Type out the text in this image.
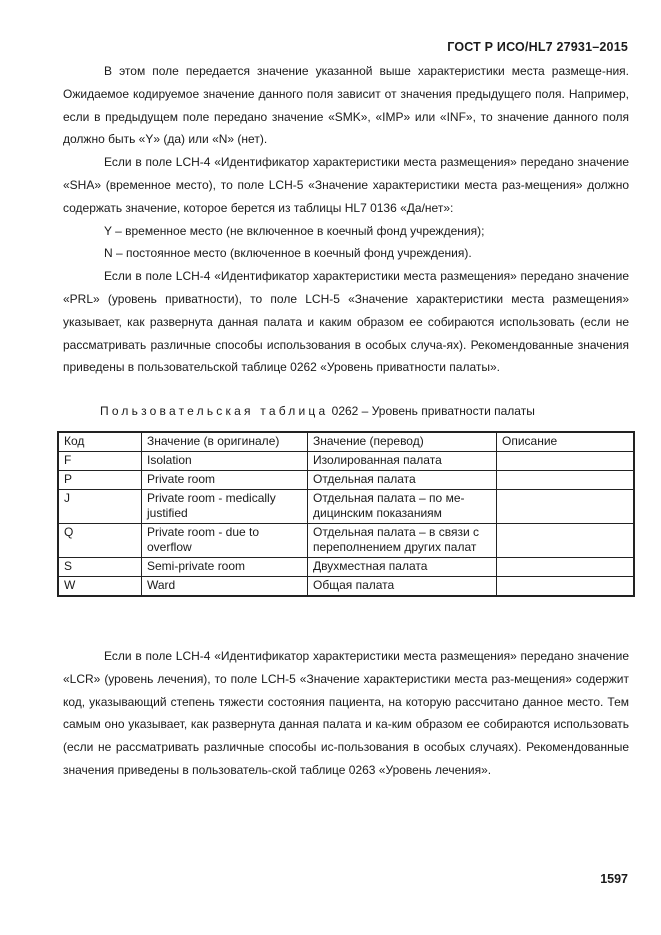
ГОСТ Р ИСО/HL7 27931–2015

В этом поле передается значение указанной выше характеристики места размеще-ния. Ожидаемое кодируемое значение данного поля зависит от значения предыдущего поля. Например, если в предыдущем поле передано значение «SMK», «IMP» или «INF», то значение данного поля должно быть «Y» (да) или «N» (нет).

Если в поле LCH-4 «Идентификатор характеристики места размещения» передано значение «SHA» (временное место), то поле LCH-5 «Значение характеристики места раз-мещения» должно содержать значение, которое берется из таблицы HL7 0136 «Да/нет»:

Y – временное место (не включенное в коечный фонд учреждения);

N – постоянное место (включенное в коечный фонд учреждения).

Если в поле LCH-4 «Идентификатор характеристики места размещения» передано значение «PRL» (уровень приватности), то поле LCH-5 «Значение характеристики места размещения» указывает, как развернута данная палата и каким образом ее собираются использовать (если не рассматривать различные способы использования в особых случа-ях). Рекомендованные значения приведены в пользовательской таблице 0262 «Уровень приватности палаты».

Пользовательская таблица 0262 – Уровень приватности палаты
Код	Значение (в оригинале)	Значение (перевод)	Описание
F	Isolation	Изолированная палата	
P	Private room	Отдельная палата	
J	Private room - medically justified	Отдельная палата – по ме-дицинским показаниям	
Q	Private room - due to overflow	Отдельная палата – в связи с переполнением других палат	
S	Semi-private room	Двухместная палата	
W	Ward	Общая палата	

Если в поле LCH-4 «Идентификатор характеристики места размещения» передано значение «LCR» (уровень лечения), то поле LCH-5 «Значение характеристики места раз-мещения» содержит код, указывающий степень тяжести состояния пациента, на которую рассчитано данное место. Тем самым оно указывает, как развернута данная палата и ка-ким образом ее собираются использовать (если не рассматривать различные способы ис-пользования в особых случаях). Рекомендованные значения приведены в пользователь-ской таблице 0263 «Уровень лечения».

1597
